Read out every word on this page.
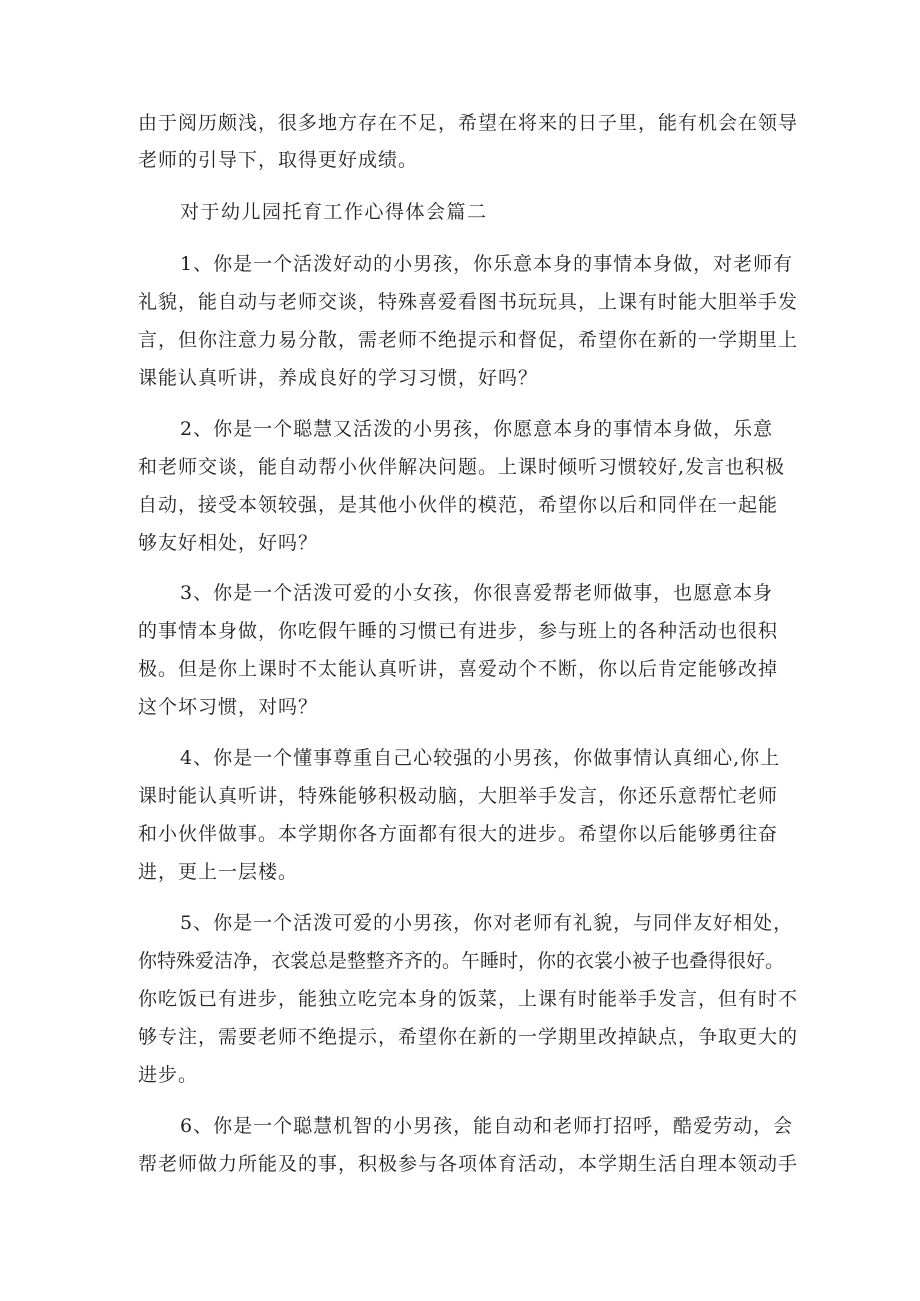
由于阅历颇浅，很多地方存在不足，希望在将来的日子里，能有机会在领导
老师的引导下，取得更好成绩。
对于幼儿园托育工作心得体会篇二
1、你是一个活泼好动的小男孩，你乐意本身的事情本身做，对老师有
礼貌，能自动与老师交谈，特殊喜爱看图书玩玩具，上课有时能大胆举手发
言，但你注意力易分散，需老师不绝提示和督促，希望你在新的一学期里上
课能认真听讲，养成良好的学习习惯，好吗？
2、你是一个聪慧又活泼的小男孩，你愿意本身的事情本身做，乐意
和老师交谈，能自动帮小伙伴解决问题。上课时倾听习惯较好,发言也积极
自动，接受本领较强，是其他小伙伴的模范，希望你以后和同伴在一起能
够友好相处，好吗？
3、你是一个活泼可爱的小女孩，你很喜爱帮老师做事，也愿意本身
的事情本身做，你吃假午睡的习惯已有进步，参与班上的各种活动也很积
极。但是你上课时不太能认真听讲，喜爱动个不断，你以后肯定能够改掉
这个坏习惯，对吗？
4、你是一个懂事尊重自己心较强的小男孩，你做事情认真细心,你上
课时能认真听讲，特殊能够积极动脑，大胆举手发言，你还乐意帮忙老师
和小伙伴做事。本学期你各方面都有很大的进步。希望你以后能够勇往奋
进，更上一层楼。
5、你是一个活泼可爱的小男孩，你对老师有礼貌，与同伴友好相处，
你特殊爱洁净，衣裳总是整整齐齐的。午睡时，你的衣裳小被子也叠得很好。
你吃饭已有进步，能独立吃完本身的饭菜，上课有时能举手发言，但有时不
够专注，需要老师不绝提示，希望你在新的一学期里改掉缺点，争取更大的
进步。
6、你是一个聪慧机智的小男孩，能自动和老师打招呼，酷爱劳动，会
帮老师做力所能及的事，积极参与各项体育活动，本学期生活自理本领动手
